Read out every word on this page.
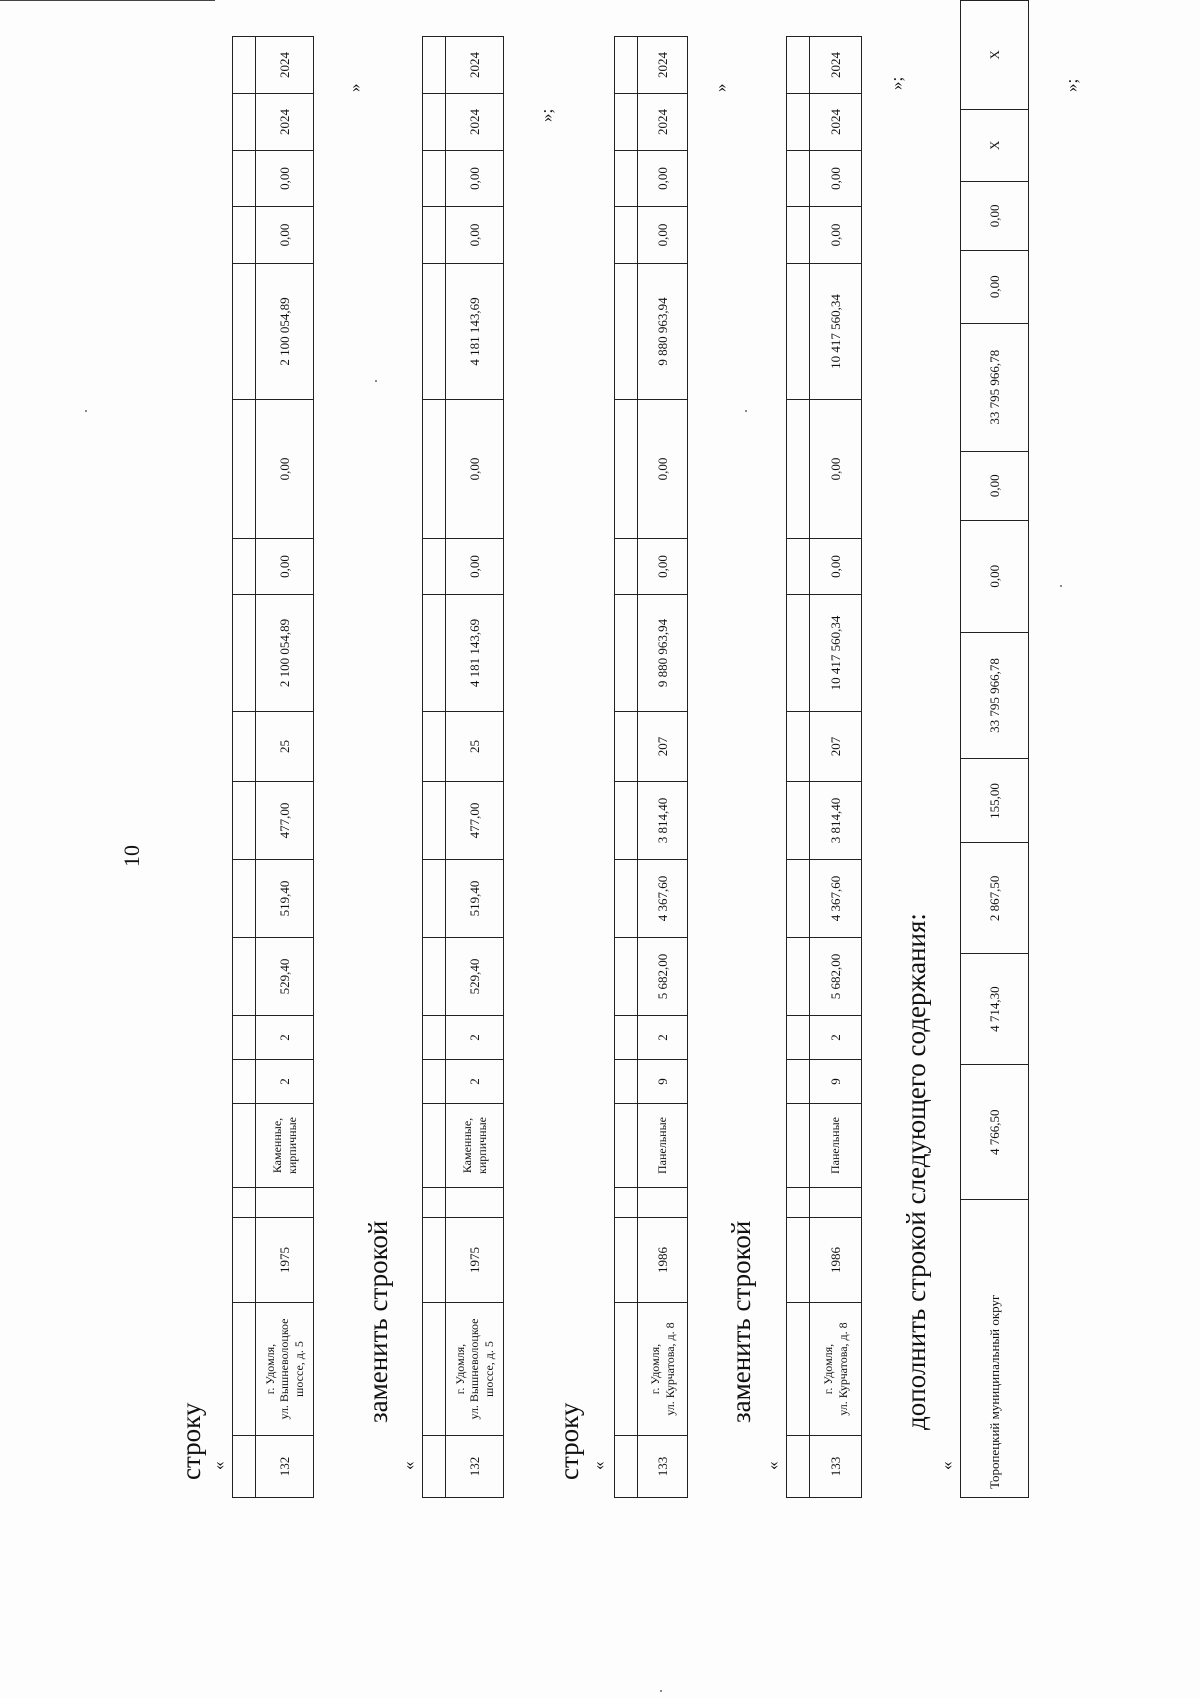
10
строку «
																			132	г. Удомля,
ул. Вышневолоцкое
шоссе, д. 5	1975		Каменные,
кирпичные	2	2	529,40	519,40	477,00	25	2 100 054,89	0,00	0,00	2 100 054,89	0,00	0,00	2024	2024
»
заменить строкой
«
																			132	г. Удомля,
ул. Вышневолоцкое
шоссе, д. 5	1975		Каменные,
кирпичные	2	2	529,40	519,40	477,00	25	4 181 143,69	0,00	0,00	4 181 143,69	0,00	0,00	2024	2024
»;
строку «
																			133	г. Удомля,
ул. Курчатова, д. 8	1986		Панельные	9	2	5 682,00	4 367,60	3 814,40	207	9 880 963,94	0,00	0,00	9 880 963,94	0,00	0,00	2024	2024
»
заменить строкой
«
																			133	г. Удомля,
ул. Курчатова, д. 8	1986		Панельные	9	2	5 682,00	4 367,60	3 814,40	207	10 417 560,34	0,00	0,00	10 417 560,34	0,00	0,00	2024	2024
»;
дополнить строкой следующего содержания:
« Торопецкий муниципальный округ	4 766,50	4 714,30	2 867,50	155,00	33 795 966,78	0,00	0,00	33 795 966,78	0,00	0,00	X	X
»;
